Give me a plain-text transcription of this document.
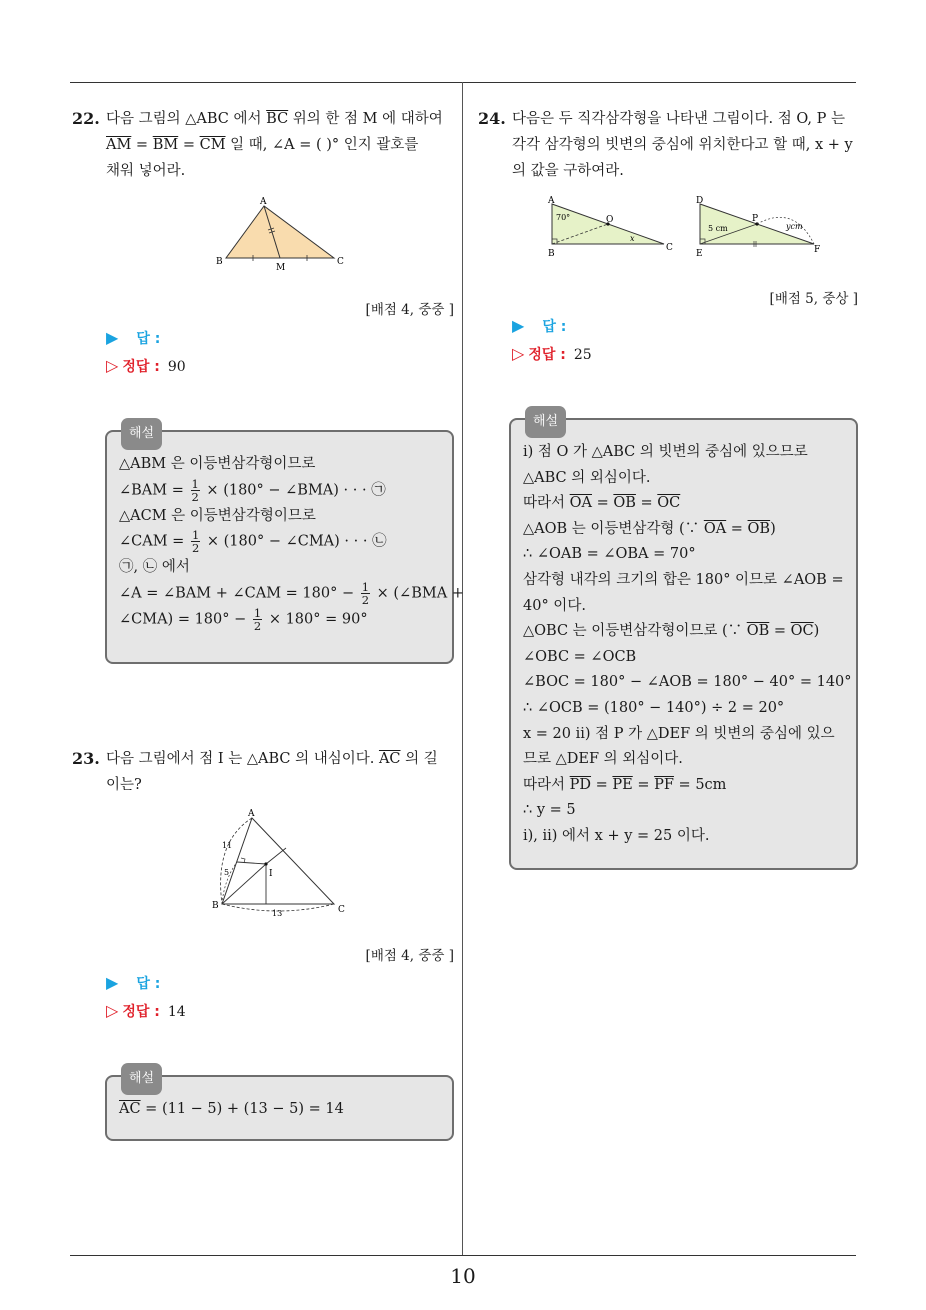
10
22. 다음 그림의 △ABC 에서 $\overline{BC}$ 위의 한 점 M 에 대하여
$\overline{AM} = \overline{BM} = \overline{CM}$ 일 때, ∠A = ( )° 인지 괄호를
채워 넣어라.
A
B	C
M
[배점 4, 중중 ]
▶ 답 :
▷ 정답 : 90
해설
△ABM 은 이등변삼각형이므로
∠BAM = $\frac{1}{2} \times (180^\circ$ − ∠BMA) · · · ㉠
△ACM 은 이등변삼각형이므로
∠CAM = $\frac{1}{2} \times (180^\circ$ − ∠CMA) · · · ㉡
㉠, ㉡ 에서
∠A = ∠BAM + ∠CAM = $180^\circ - \frac{1}{2}$ × (∠BMA +
∠CMA) = $180^\circ - \frac{1}{2} \times 180^\circ = 90^\circ$
23. 다음 그림에서 점 I 는 △ABC 의 내심이다. $\overline{AC}$ 의 길
이는?
A
B	C
I
11
5
13
[배점 4, 중중 ]
▶ 답 :
▷ 정답 : 14
해설
$\overline{AC} = (11 - 5) + (13 - 5) = 14$
24. 다음은 두 직각삼각형을 나타낸 그림이다. 점 O, P 는
각각 삼각형의 빗변의 중심에 위치한다고 할 때, x + y
의 값을 구하여라.
A
B
C
O
70°
x
D
E	F
P
5 cm	ycm
[배점 5, 중상 ]
▶ 답 :
▷ 정답 : 25
해설
i) 점 O 가 △ABC 의 빗변의 중심에 있으므로
△ABC 의 외심이다.
따라서 $\overline{OA} = \overline{OB} = \overline{OC}$
△AOB 는 이등변삼각형 (∵ $\overline{OA} = \overline{OB}$)
∴ ∠OAB = ∠OBA = 70°
삼각형 내각의 크기의 합은 180° 이므로 ∠AOB =
40° 이다.
△OBC 는 이등변삼각형이므로 (∵ $\overline{OB} = \overline{OC}$)
∠OBC = ∠OCB
∠BOC = 180° − ∠AOB = 180° − 40° = 140°
∴ ∠OCB = (180° − 140°) ÷ 2 = 20°
x = 20 ii) 점 P 가 △DEF 의 빗변의 중심에 있으
므로 △DEF 의 외심이다.
따라서 $\overline{PD} = \overline{PE} = \overline{PF} = 5cm$
∴ y = 5
i), ii) 에서 x + y = 25 이다.
